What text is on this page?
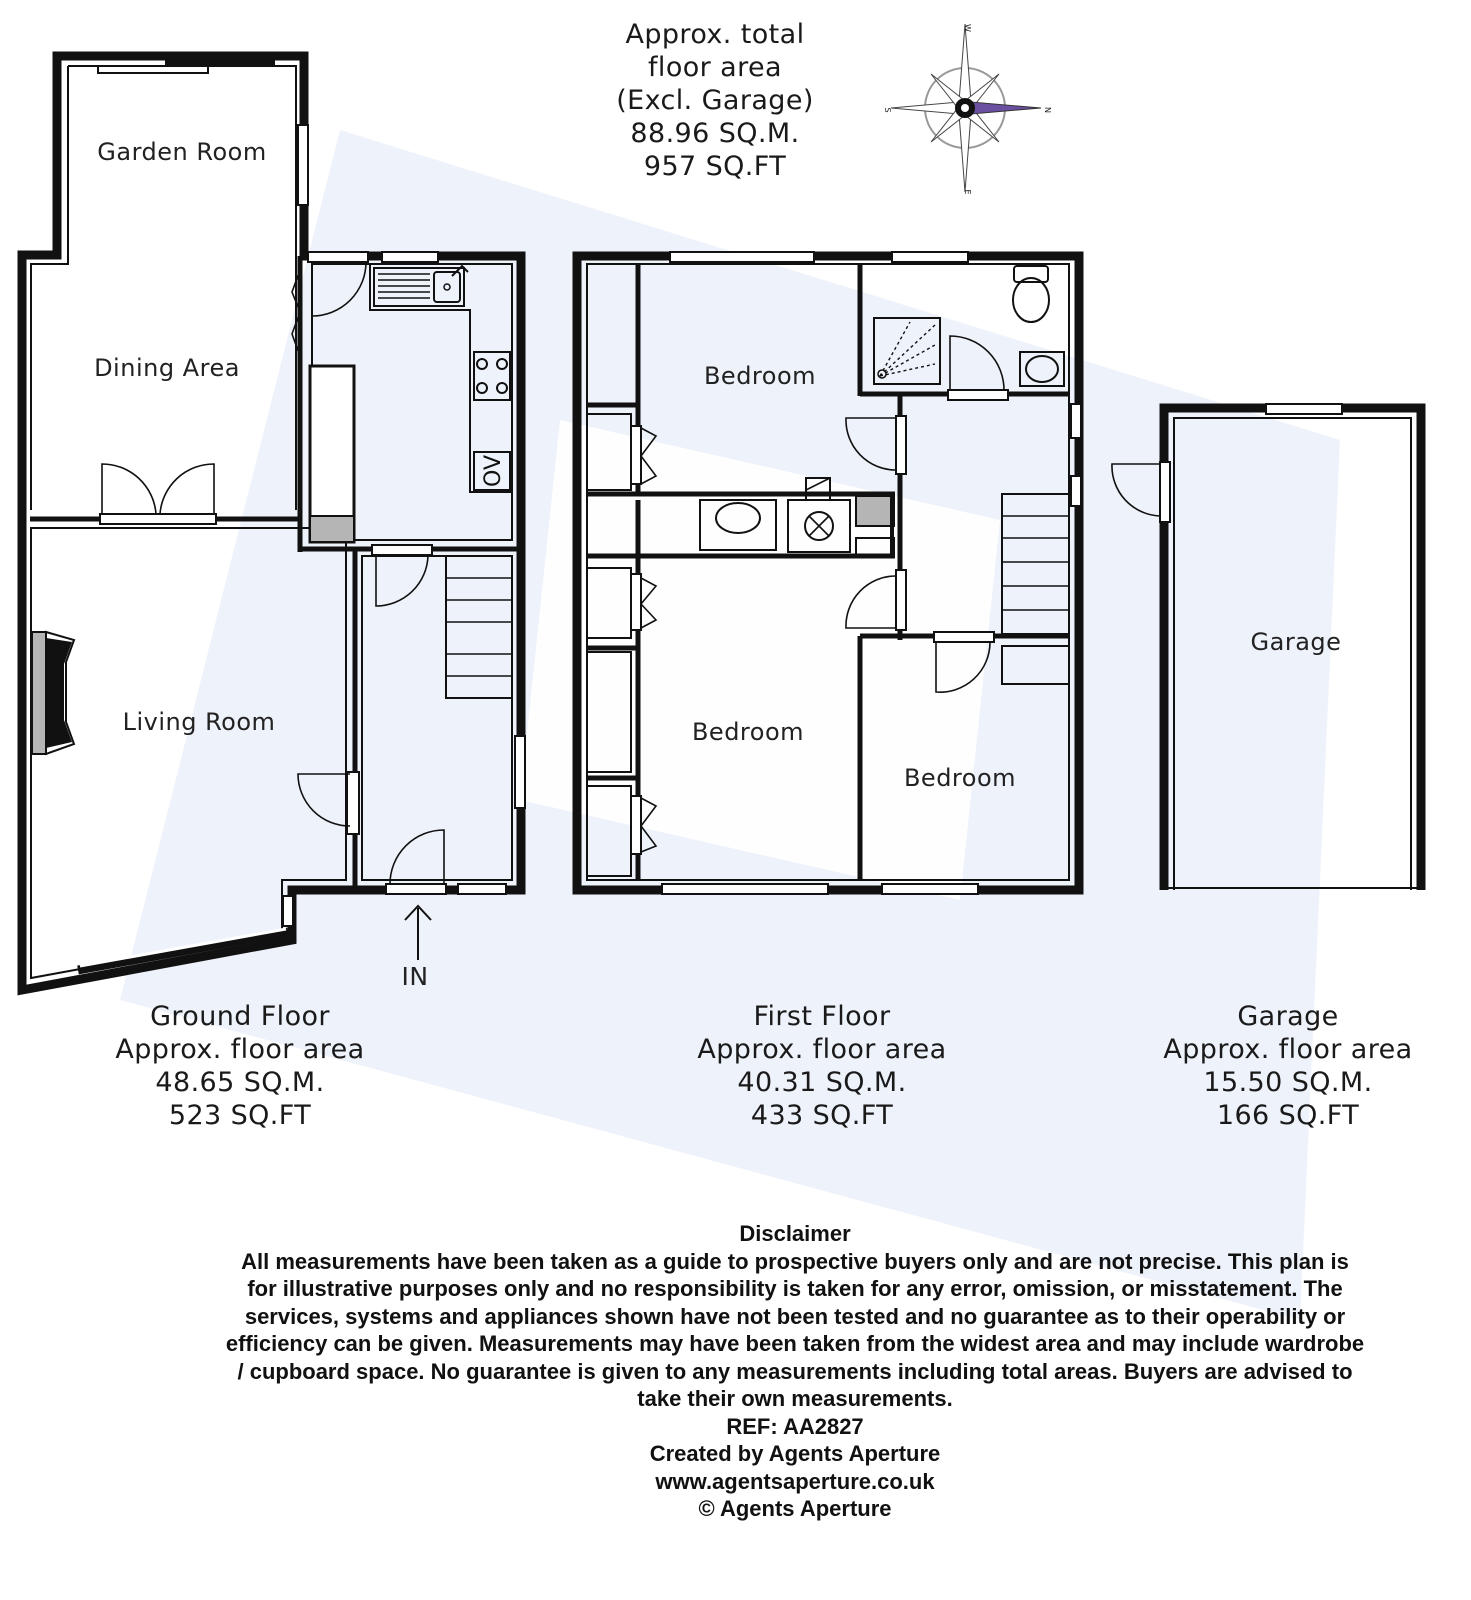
OV
Garden Room
Dining Area
Living Room
IN
Bedroom
Bedroom
Bedroom
Garage
W
E
S	N
Approx. total
floor area
(Excl. Garage)
88.96 SQ.M.
957 SQ.FT
Ground Floor
Approx. floor area
48.65 SQ.M.
523 SQ.FT
First Floor
Approx. floor area
40.31 SQ.M.
433 SQ.FT
Garage
Approx. floor area
15.50 SQ.M.
166 SQ.FT
Disclaimer
All measurements have been taken as a guide to prospective buyers only and are not precise. This plan is
for illustrative purposes only and no responsibility is taken for any error, omission, or misstatement. The
services, systems and appliances shown have not been tested and no guarantee as to their operability or
efficiency can be given. Measurements may have been taken from the widest area and may include wardrobe
/ cupboard space. No guarantee is given to any measurements including total areas. Buyers are advised to
take their own measurements.
REF: AA2827
Created by Agents Aperture
www.agentsaperture.co.uk
© Agents Aperture
